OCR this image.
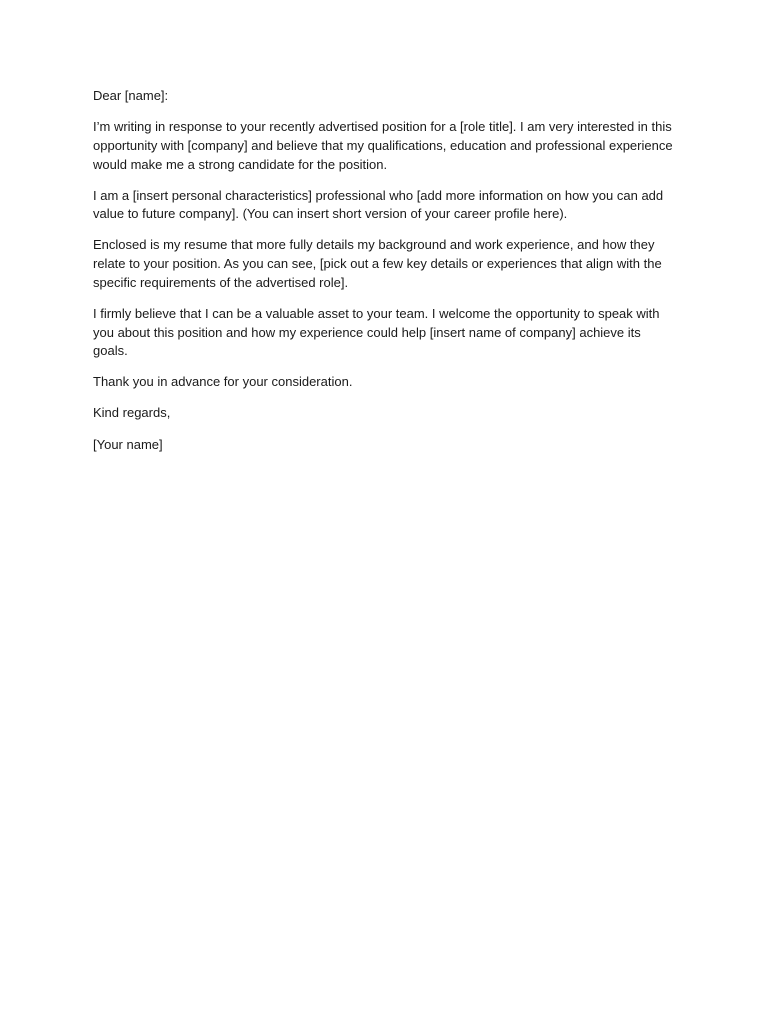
Dear [name]:

I’m writing in response to your recently advertised position for a [role title]. I am very interested in this opportunity with [company] and believe that my qualifications, education and professional experience would make me a strong candidate for the position.

I am a [insert personal characteristics] professional who [add more information on how you can add value to future company]. (You can insert short version of your career profile here).

Enclosed is my resume that more fully details my background and work experience, and how they relate to your position. As you can see, [pick out a few key details or experiences that align with the specific requirements of the advertised role].

I firmly believe that I can be a valuable asset to your team. I welcome the opportunity to speak with you about this position and how my experience could help [insert name of company] achieve its goals.

Thank you in advance for your consideration.

Kind regards,

[Your name]
